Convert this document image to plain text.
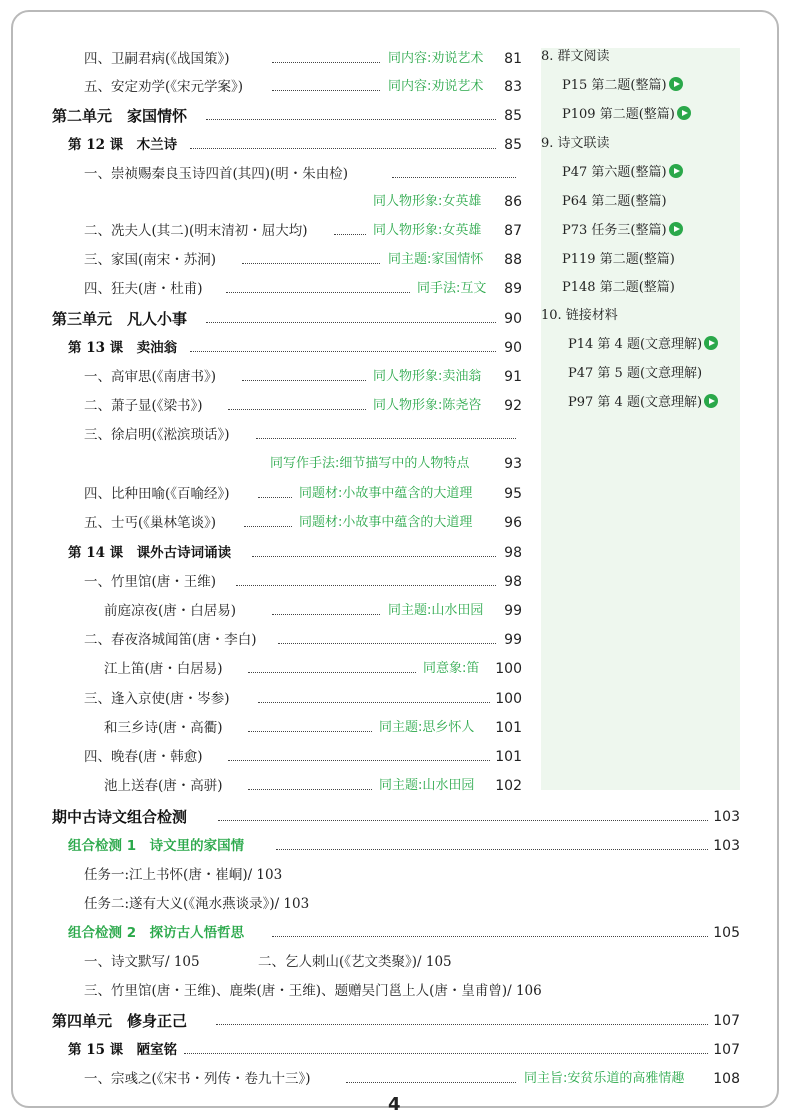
四、卫嗣君病(《战国策》)	同内容:劝说艺术	81
五、安定劝学(《宋元学案》)	同内容:劝说艺术	83
第二单元　家国情怀	85
第 12 课　木兰诗	85
一、崇祯赐秦良玉诗四首(其四)(明・朱由检)
同人物形象:女英雄	86
二、冼夫人(其二)(明末清初・屈大均)	同人物形象:女英雄	87
三、家国(南宋・苏泂)	同主题:家国情怀	88
四、狂夫(唐・杜甫)	同手法:互文	89
第三单元　凡人小事	90
第 13 课　卖油翁	90
一、高审思(《南唐书》)	同人物形象:卖油翁	91
二、萧子显(《梁书》)	同人物形象:陈尧咨	92
三、徐启明(《淞滨琐话》)
同写作手法:细节描写中的人物特点	93
四、比种田喻(《百喻经》)	同题材:小故事中蕴含的大道理	95
五、士丐(《巢林笔谈》)	同题材:小故事中蕴含的大道理	96
第 14 课　课外古诗词诵读	98
一、竹里馆(唐・王维)	98
前庭凉夜(唐・白居易)	同主题:山水田园	99
二、春夜洛城闻笛(唐・李白)	99
江上笛(唐・白居易)	同意象:笛	100
三、逢入京使(唐・岑参)	100
和三乡诗(唐・高衢)	同主题:思乡怀人	101
四、晚春(唐・韩愈)	101
池上送春(唐・高骈)	同主题:山水田园	102
期中古诗文组合检测	103
组合检测 1　诗文里的家国情	103
任务一:江上书怀(唐・崔峒)/ 103
任务二:遂有大义(《渑水燕谈录》)/ 103
组合检测 2　探访古人悟哲思	105
一、诗文默写/ 105	二、乞人刺山(《艺文类聚》)/ 105
三、竹里馆(唐・王维)、鹿柴(唐・王维)、题赠吴门邕上人(唐・皇甫曾)/ 106
第四单元　修身正己	107
第 15 课　陋室铭	107
一、宗彧之(《宋书・列传・卷九十三》)	同主旨:安贫乐道的高雅情趣	108
8. 群文阅读
P15 第二题(整篇)
P109 第二题(整篇)
9. 诗文联读
P47 第六题(整篇)
P64 第二题(整篇)
P73 任务三(整篇)
P119 第二题(整篇)
P148 第二题(整篇)
10. 链接材料
P14 第 4 题(文意理解)
P47 第 5 题(文意理解)
P97 第 4 题(文意理解)
4
